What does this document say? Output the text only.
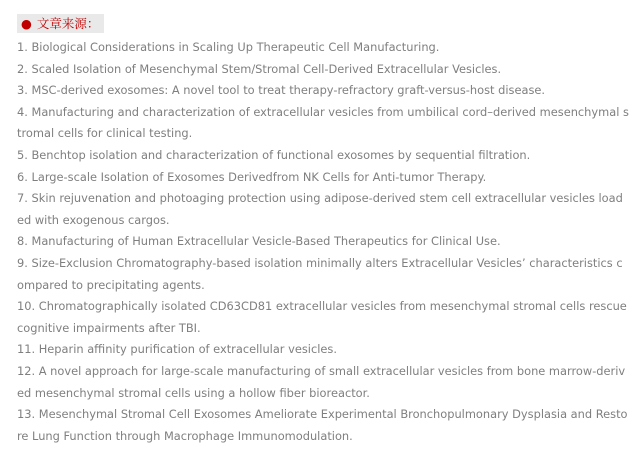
● 文章来源：
1. Biological Considerations in Scaling Up Therapeutic Cell Manufacturing.
2. Scaled Isolation of Mesenchymal Stem/Stromal Cell-Derived Extracellular Vesicles.
3. MSC-derived exosomes: A novel tool to treat therapy-refractory graft-versus-host disease.
4. Manufacturing and characterization of extracellular vesicles from umbilical cord–derived mesenchymal stromal cells for clinical testing.
5. Benchtop isolation and characterization of functional exosomes by sequential filtration.
6. Large-scale Isolation of Exosomes Derivedfrom NK Cells for Anti-tumor Therapy.
7. Skin rejuvenation and photoaging protection using adipose-derived stem cell extracellular vesicles loaded with exogenous cargos.
8. Manufacturing of Human Extracellular Vesicle-Based Therapeutics for Clinical Use.
9. Size-Exclusion Chromatography-based isolation minimally alters Extracellular Vesicles’ characteristics compared to precipitating agents.
10. Chromatographically isolated CD63CD81 extracellular vesicles from mesenchymal stromal cells rescue cognitive impairments after TBI.
11. Heparin affinity purification of extracellular vesicles.
12. A novel approach for large-scale manufacturing of small extracellular vesicles from bone marrow-derived mesenchymal stromal cells using a hollow fiber bioreactor.
13. Mesenchymal Stromal Cell Exosomes Ameliorate Experimental Bronchopulmonary Dysplasia and Restore Lung Function through Macrophage Immunomodulation.
